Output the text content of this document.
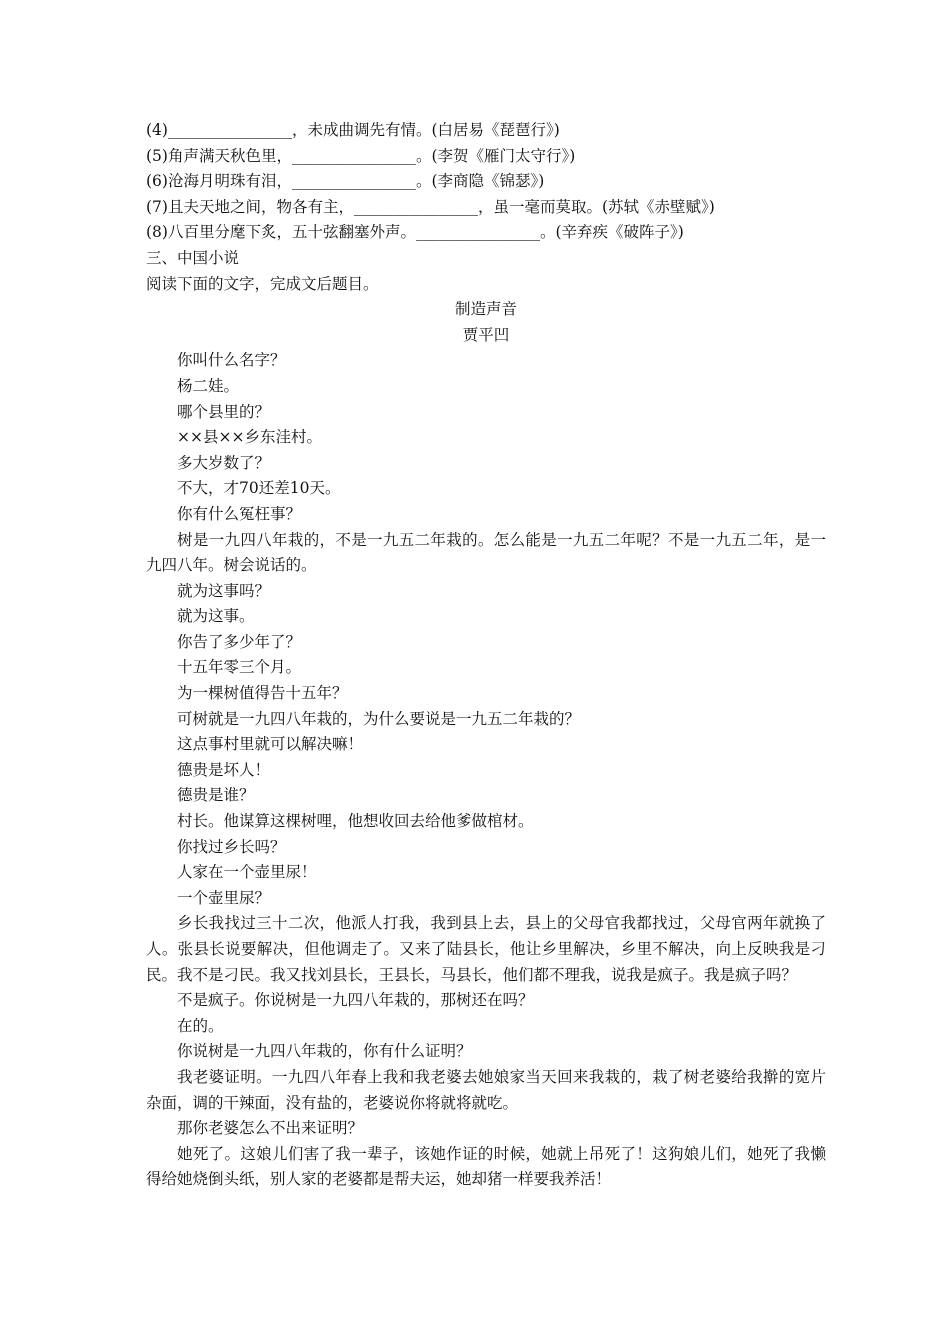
(4)________________，未成曲调先有情。(白居易《琵琶行》)
(5)角声满天秋色里，________________。(李贺《雁门太守行》)
(6)沧海月明珠有泪，________________。(李商隐《锦瑟》)
(7)且夫天地之间，物各有主，________________，虽一毫而莫取。(苏轼《赤壁赋》)
(8)八百里分麾下炙，五十弦翻塞外声。________________。(辛弃疾《破阵子》)
三、中国小说
阅读下面的文字，完成文后题目。
制造声音
贾平凹

你叫什么名字？

杨二娃。

哪个县里的？

××县××乡东洼村。

多大岁数了？

不大，才70还差10天。

你有什么冤枉事？

树是一九四八年栽的，不是一九五二年栽的。怎么能是一九五二年呢？不是一九五二年，是一九四八年。树会说话的。

就为这事吗？

就为这事。

你告了多少年了？

十五年零三个月。

为一棵树值得告十五年？

可树就是一九四八年栽的，为什么要说是一九五二年栽的？

这点事村里就可以解决嘛！

德贵是坏人！

德贵是谁？

村长。他谋算这棵树哩，他想收回去给他爹做棺材。

你找过乡长吗？

人家在一个壶里尿！

一个壶里尿？

乡长我找过三十二次，他派人打我，我到县上去，县上的父母官我都找过，父母官两年就换了人。张县长说要解决，但他调走了。又来了陆县长，他让乡里解决，乡里不解决，向上反映我是刁民。我不是刁民。我又找刘县长，王县长，马县长，他们都不理我，说我是疯子。我是疯子吗？

不是疯子。你说树是一九四八年栽的，那树还在吗？

在的。

你说树是一九四八年栽的，你有什么证明？

我老婆证明。一九四八年春上我和我老婆去她娘家当天回来我栽的，栽了树老婆给我擀的宽片杂面，调的干辣面，没有盐的，老婆说你将就将就吃。

那你老婆怎么不出来证明？

她死了。这娘儿们害了我一辈子，该她作证的时候，她就上吊死了！这狗娘儿们，她死了我懒得给她烧倒头纸，别人家的老婆都是帮夫运，她却猪一样要我养活！
